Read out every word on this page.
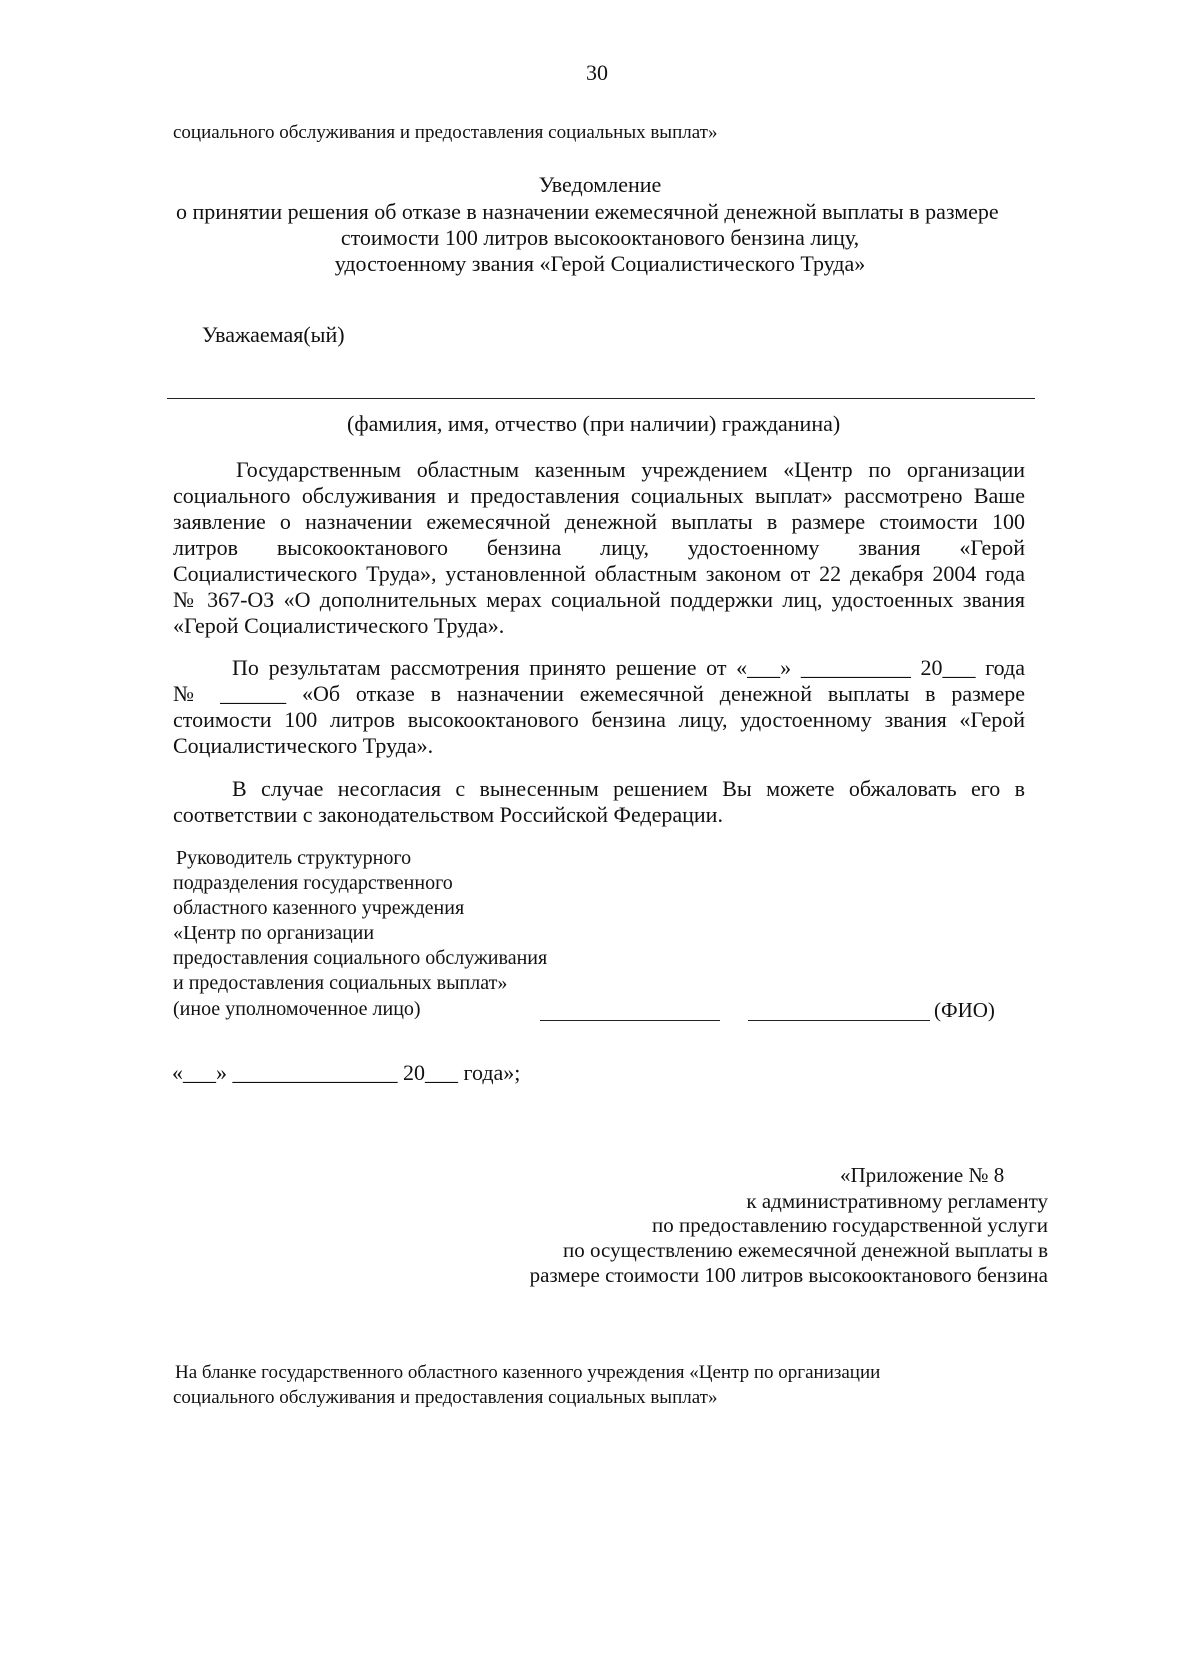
30
социального обслуживания и предоставления социальных выплат»
Уведомление
о принятии решения об отказе в назначении ежемесячной денежной выплаты в размере
стоимости 100 литров высокооктанового бензина лицу,
удостоенному звания «Герой Социалистического Труда»
Уважаемая(ый)
(фамилия, имя, отчество (при наличии) гражданина)
Государственным областным казенным учреждением «Центр по организации
социального обслуживания и предоставления социальных выплат» рассмотрено Ваше
заявление о назначении ежемесячной денежной выплаты в размере стоимости 100
литров высокооктанового бензина лицу, удостоенному звания «Герой
Социалистического Труда», установленной областным законом от 22 декабря 2004 года
№ 367-ОЗ «О дополнительных мерах социальной поддержки лиц, удостоенных звания
«Герой Социалистического Труда».
По результатам рассмотрения принято решение от «___» __________ 20___ года
№ ______ «Об отказе в назначении ежемесячной денежной выплаты в размере
стоимости 100 литров высокооктанового бензина лицу, удостоенному звания «Герой
Социалистического Труда».
В случае несогласия с вынесенным решением Вы можете обжаловать его в
соответствии с законодательством Российской Федерации.
Руководитель структурного
подразделения государственного
областного казенного учреждения
«Центр по организации
предоставления социального обслуживания
и предоставления социальных выплат»
(иное уполномоченное лицо)	(ФИО)
«___» _______________ 20___ года»;
«Приложение № 8
к административному регламенту
по предоставлению государственной услуги
по осуществлению ежемесячной денежной выплаты в
размере стоимости 100 литров высокооктанового бензина
На бланке государственного областного казенного учреждения «Центр по организации
социального обслуживания и предоставления социальных выплат»
